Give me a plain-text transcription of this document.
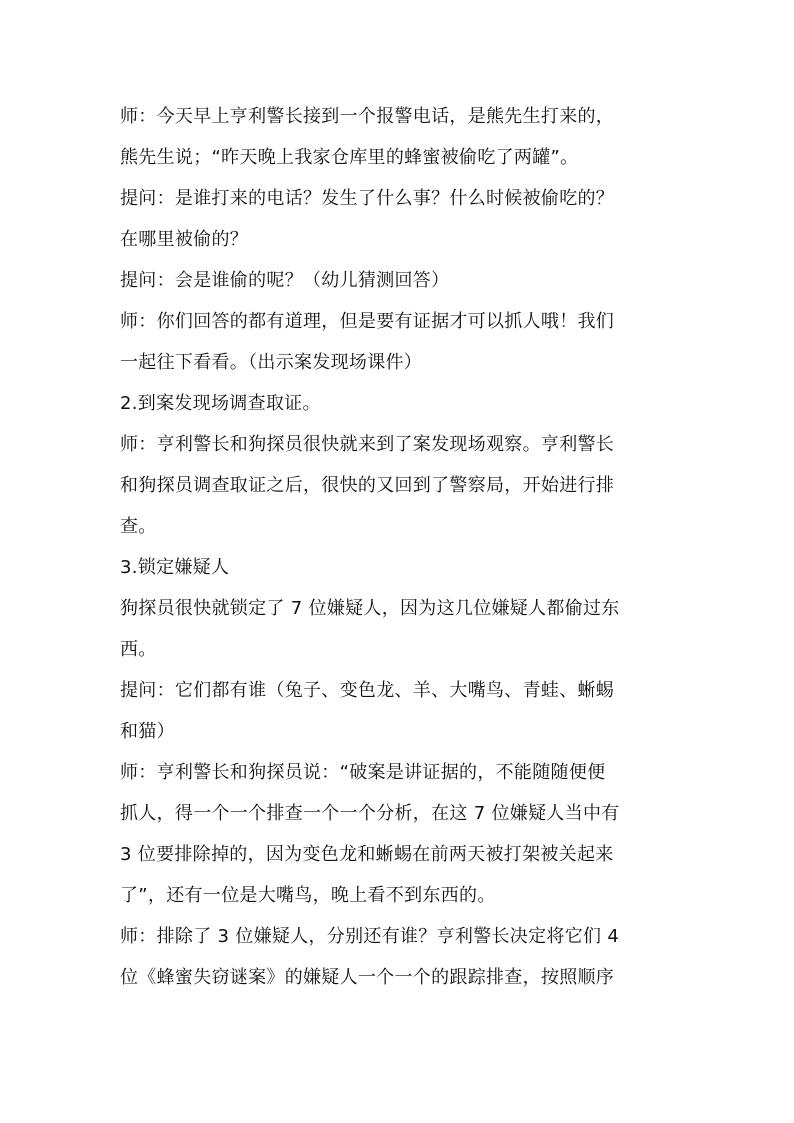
师：今天早上亨利警长接到一个报警电话，是熊先生打来的，
熊先生说；“昨天晚上我家仓库里的蜂蜜被偷吃了两罐”。
提问：是谁打来的电话？发生了什么事？什么时候被偷吃的？
在哪里被偷的？
提问：会是谁偷的呢？（幼儿猜测回答）
师：你们回答的都有道理，但是要有证据才可以抓人哦！我们
一起往下看看。（出示案发现场课件）
2.到案发现场调查取证。
师：亨利警长和狗探员很快就来到了案发现场观察。亨利警长
和狗探员调查取证之后，很快的又回到了警察局，开始进行排
查。
3.锁定嫌疑人
狗探员很快就锁定了 7 位嫌疑人，因为这几位嫌疑人都偷过东
西。
提问：它们都有谁（兔子、变色龙、羊、大嘴鸟、青蛙、蜥蜴
和猫）
师：亨利警长和狗探员说：“破案是讲证据的，不能随随便便
抓人，得一个一个排查一个一个分析，在这 7 位嫌疑人当中有
3 位要排除掉的，因为变色龙和蜥蜴在前两天被打架被关起来
了”，还有一位是大嘴鸟，晚上看不到东西的。
师：排除了 3 位嫌疑人，分别还有谁？亨利警长决定将它们 4
位《蜂蜜失窃谜案》的嫌疑人一个一个的跟踪排查，按照顺序
